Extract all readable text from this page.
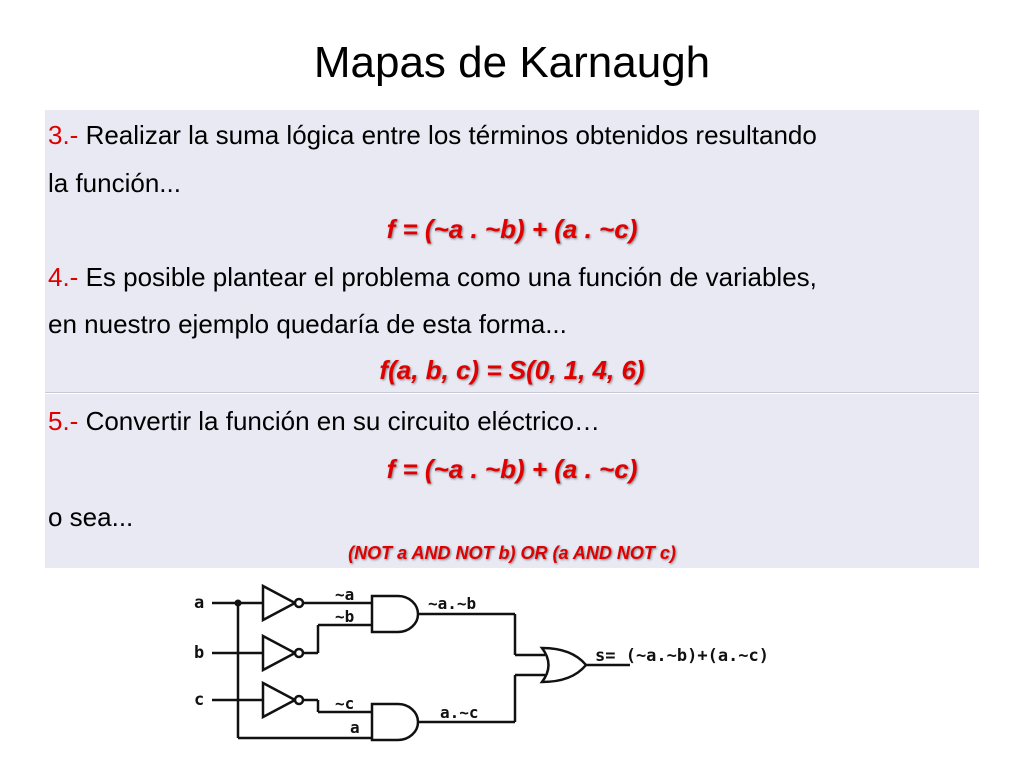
Mapas de Karnaugh
3.- Realizar la suma lógica entre los términos obtenidos resultando
la función...
f = (~a . ~b) + (a . ~c)
4.- Es posible plantear el problema como una función de variables,
en nuestro ejemplo quedaría de esta forma...
f(a, b, c) = S(0, 1, 4, 6)
5.- Convertir la función en su circuito eléctrico…
f = (~a . ~b) + (a . ~c)
o sea...
(NOT a AND NOT b) OR (a AND NOT c)
a
b
c
~a
~b
~c
a
~a.~b
a.~c
s= (~a.~b)+(a.~c)
